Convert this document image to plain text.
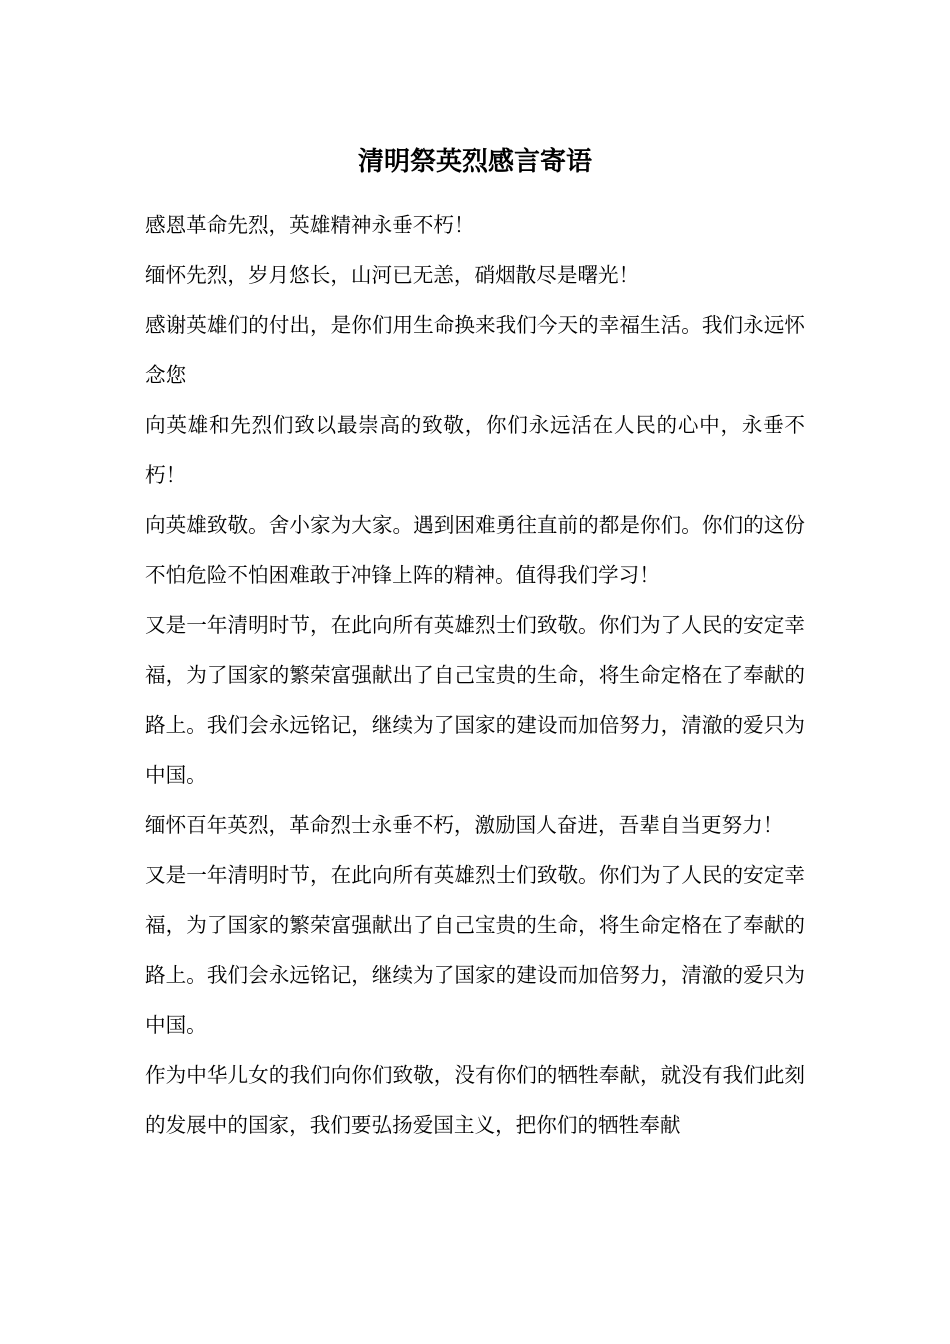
清明祭英烈感言寄语

感恩革命先烈，英雄精神永垂不朽！

缅怀先烈，岁月悠长，山河已无恙，硝烟散尽是曙光！

感谢英雄们的付出，是你们用生命换来我们今天的幸福生活。我们永远怀念您

向英雄和先烈们致以最崇高的致敬，你们永远活在人民的心中，永垂不朽！

向英雄致敬。舍小家为大家。遇到困难勇往直前的都是你们。你们的这份不怕危险不怕困难敢于冲锋上阵的精神。值得我们学习！

又是一年清明时节，在此向所有英雄烈士们致敬。你们为了人民的安定幸福，为了国家的繁荣富强献出了自己宝贵的生命，将生命定格在了奉献的路上。我们会永远铭记，继续为了国家的建设而加倍努力，清澈的爱只为中国。

缅怀百年英烈，革命烈士永垂不朽，激励国人奋进，吾辈自当更努力！

又是一年清明时节，在此向所有英雄烈士们致敬。你们为了人民的安定幸福，为了国家的繁荣富强献出了自己宝贵的生命，将生命定格在了奉献的路上。我们会永远铭记，继续为了国家的建设而加倍努力，清澈的爱只为中国。

作为中华儿女的我们向你们致敬，没有你们的牺牲奉献，就没有我们此刻的发展中的国家，我们要弘扬爱国主义，把你们的牺牲奉献
